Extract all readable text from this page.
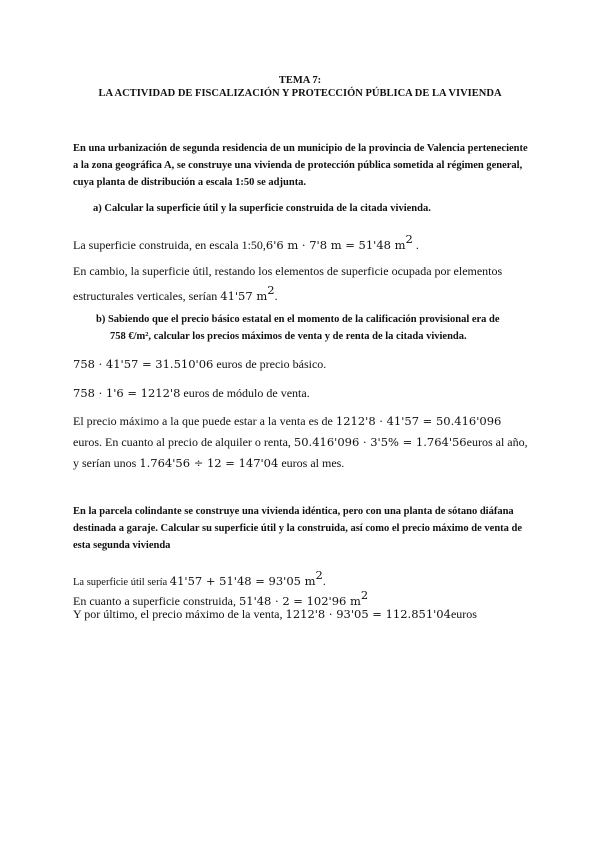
TEMA 7:
LA ACTIVIDAD DE FISCALIZACIÓN Y PROTECCIÓN PÚBLICA DE LA VIVIENDA
En una urbanización de segunda residencia de un municipio de la provincia de Valencia perteneciente a la zona geográfica A, se construye una vivienda de protección pública sometida al régimen general, cuya planta de distribución a escala 1:50 se adjunta.
a) Calcular la superficie útil y la superficie construida de la citada vivienda.
La superficie construida, en escala 1:50,6'6 m · 7'8 m = 51'48 $m^2$ .
En cambio, la superficie útil, restando los elementos de superficie ocupada por elementos estructurales verticales, serían 41'57 $m^2$.
b) Sabiendo que el precio básico estatal en el momento de la calificación provisional era de
758 €/m², calcular los precios máximos de venta y de renta de la citada vivienda.
758 · 41'57 = 31.510'06 euros de precio básico.
758 · 1'6 = 1212'8 euros de módulo de venta.
El precio máximo a la que puede estar a la venta es de 1212'8 · 41'57 = 50.416'096 euros. En cuanto al precio de alquiler o renta, 50.416'096 · 3'5% = 1.764'56euros al año, y serían unos 1.764'56 ÷ 12 = 147'04 euros al mes.
En la parcela colindante se construye una vivienda idéntica, pero con una planta de sótano diáfana destinada a garaje. Calcular su superficie útil y la construida, así como el precio máximo de venta de esta segunda vivienda
La superficie útil sería 41'57 + 51'48 = 93'05 $m^2$.
En cuanto a superficie construida, 51'48 · 2 = 102'96 $m^2$
Y por último, el precio máximo de la venta, 1212'8 · 93'05 = 112.851'04euros
